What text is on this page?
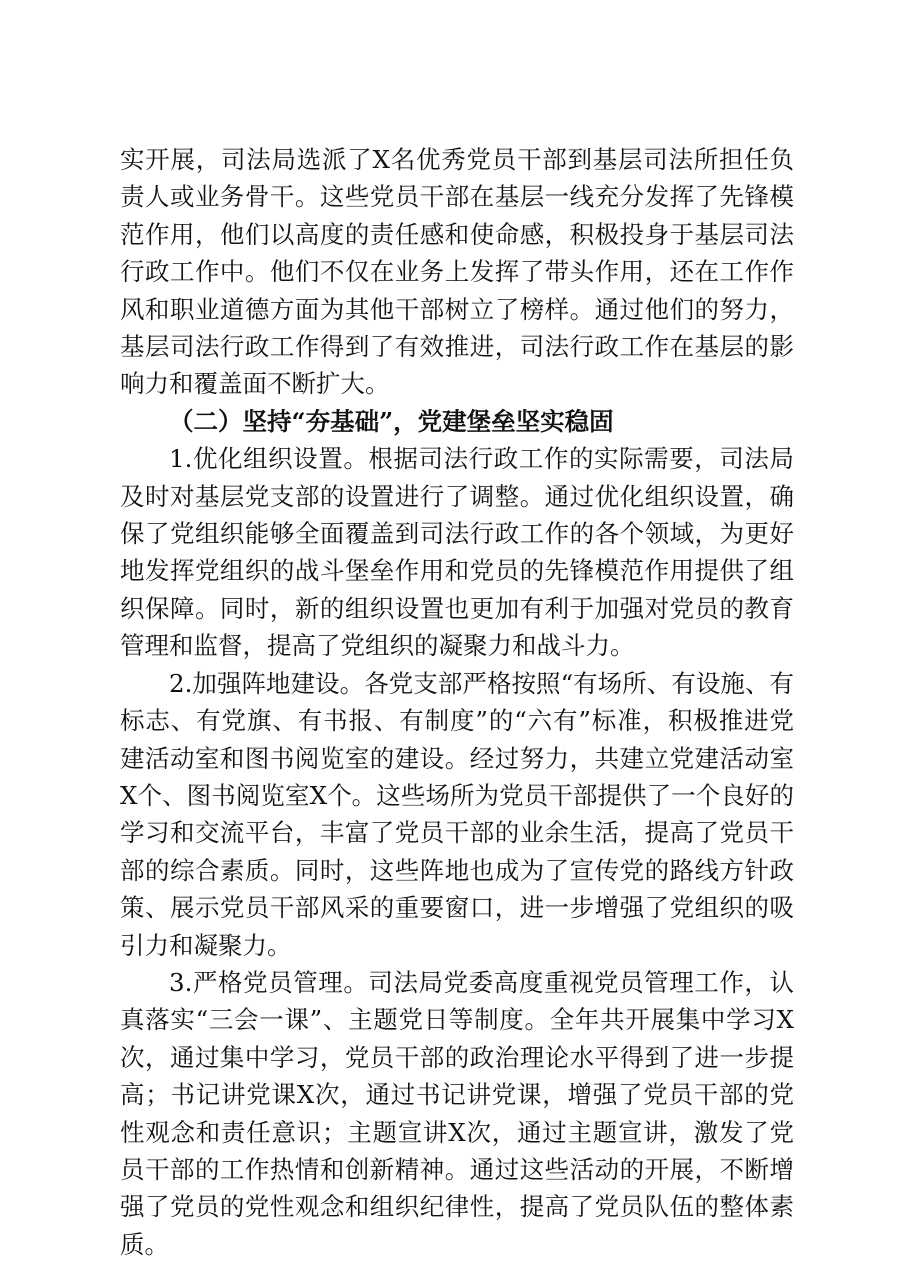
实开展，司法局选派了X名优秀党员干部到基层司法所担任负责人或业务骨干。这些党员干部在基层一线充分发挥了先锋模范作用，他们以高度的责任感和使命感，积极投身于基层司法行政工作中。他们不仅在业务上发挥了带头作用，还在工作作风和职业道德方面为其他干部树立了榜样。通过他们的努力，基层司法行政工作得到了有效推进，司法行政工作在基层的影响力和覆盖面不断扩大。

（二）坚持“夯基础”，党建堡垒坚实稳固

1.优化组织设置。根据司法行政工作的实际需要，司法局及时对基层党支部的设置进行了调整。通过优化组织设置，确保了党组织能够全面覆盖到司法行政工作的各个领域，为更好地发挥党组织的战斗堡垒作用和党员的先锋模范作用提供了组织保障。同时，新的组织设置也更加有利于加强对党员的教育管理和监督，提高了党组织的凝聚力和战斗力。

2.加强阵地建设。各党支部严格按照“有场所、有设施、有标志、有党旗、有书报、有制度”的“六有”标准，积极推进党建活动室和图书阅览室的建设。经过努力，共建立党建活动室X个、图书阅览室X个。这些场所为党员干部提供了一个良好的学习和交流平台，丰富了党员干部的业余生活，提高了党员干部的综合素质。同时，这些阵地也成为了宣传党的路线方针政策、展示党员干部风采的重要窗口，进一步增强了党组织的吸引力和凝聚力。

3.严格党员管理。司法局党委高度重视党员管理工作，认真落实“三会一课”、主题党日等制度。全年共开展集中学习X次，通过集中学习，党员干部的政治理论水平得到了进一步提高；书记讲党课X次，通过书记讲党课，增强了党员干部的党性观念和责任意识；主题宣讲X次，通过主题宣讲，激发了党员干部的工作热情和创新精神。通过这些活动的开展，不断增强了党员的党性观念和组织纪律性，提高了党员队伍的整体素质。
